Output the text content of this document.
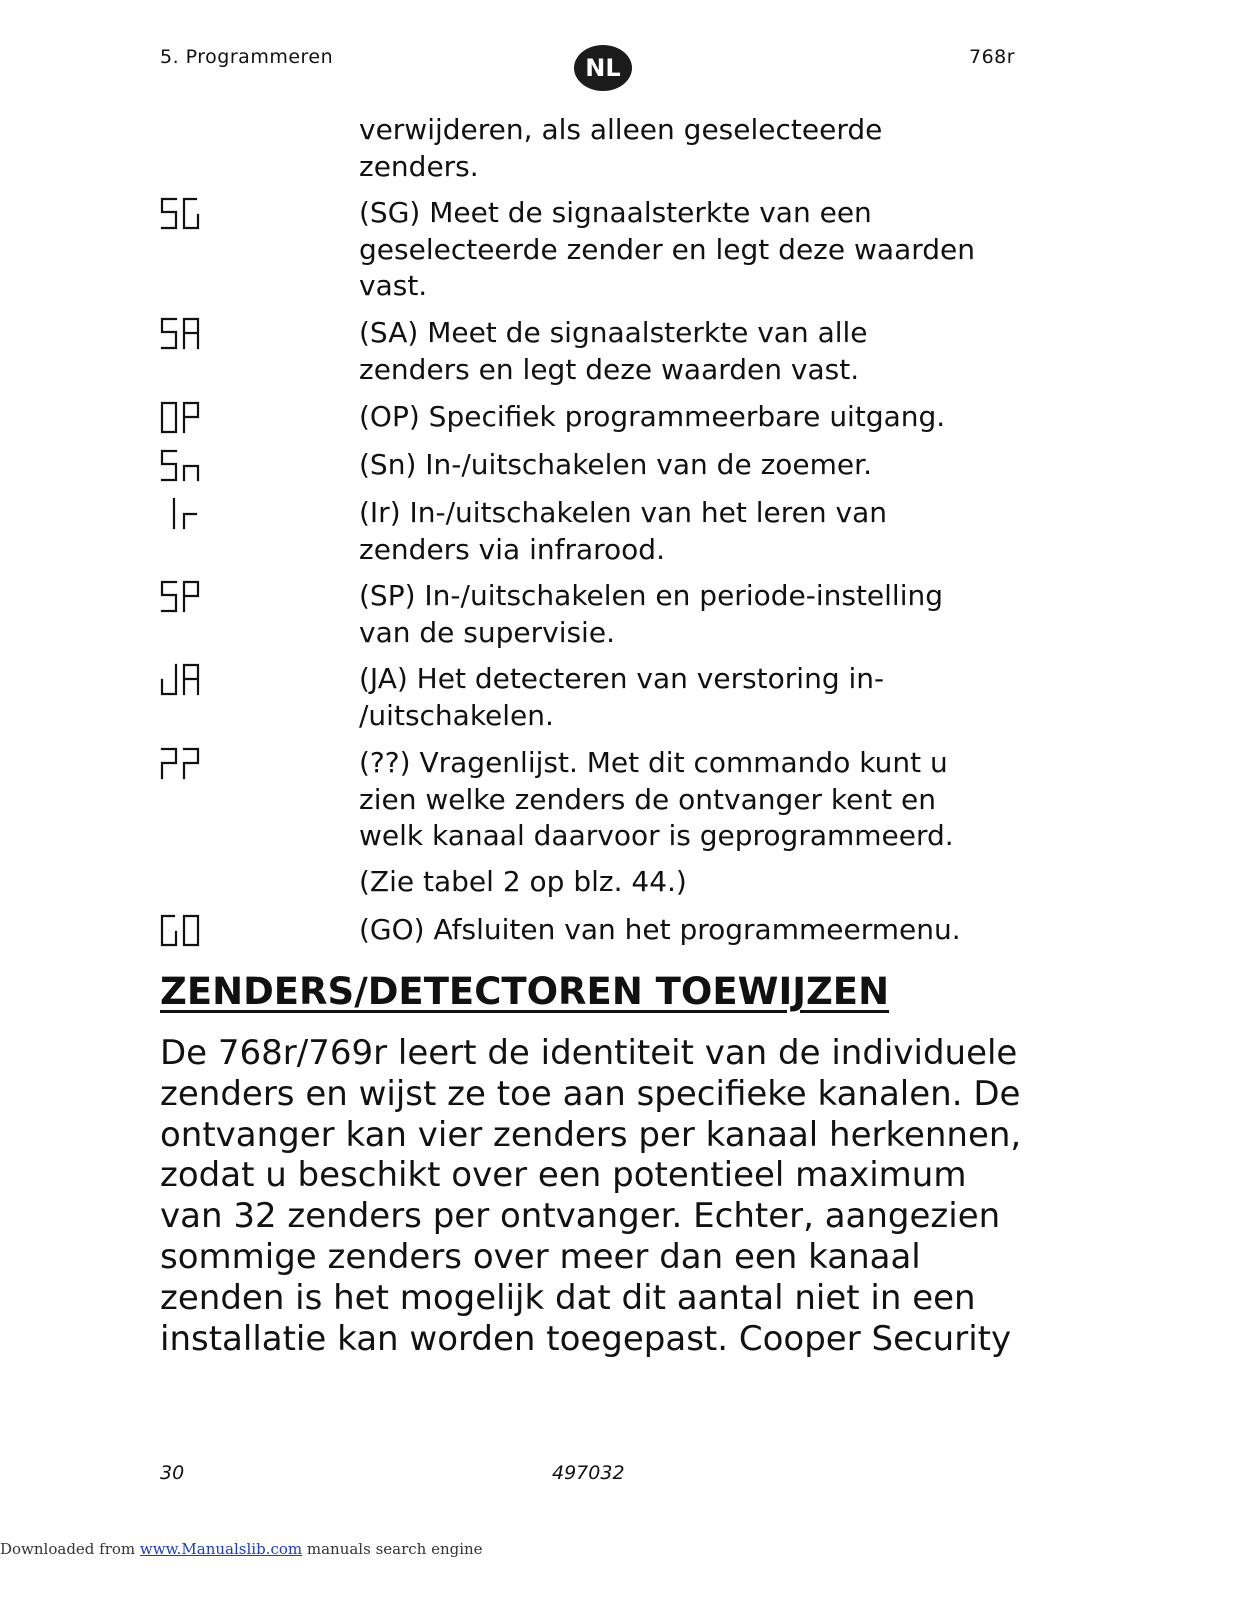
5. Programmeren	NL	768r
verwijderen, als alleen geselecteerde
zenders.
(SG) Meet de signaalsterkte van een
geselecteerde zender en legt deze waarden
vast.
(SA) Meet de signaalsterkte van alle
zenders en legt deze waarden vast.
(OP) Specifiek programmeerbare uitgang.
(Sn) In-/uitschakelen van de zoemer.
(Ir) In-/uitschakelen van het leren van
zenders via infrarood.
(SP) In-/uitschakelen en periode-instelling
van de supervisie.
(JA) Het detecteren van verstoring in-
/uitschakelen.
(??) Vragenlijst. Met dit commando kunt u
zien welke zenders de ontvanger kent en
welk kanaal daarvoor is geprogrammeerd.
(Zie tabel 2 op blz. 44.)
(GO) Afsluiten van het programmeermenu.
ZENDERS/DETECTOREN TOEWIJZEN
De 768r/769r leert de identiteit van de individuele
zenders en wijst ze toe aan specifieke kanalen. De
ontvanger kan vier zenders per kanaal herkennen,
zodat u beschikt over een potentieel maximum
van 32 zenders per ontvanger. Echter, aangezien
sommige zenders over meer dan een kanaal
zenden is het mogelijk dat dit aantal niet in een
installatie kan worden toegepast. Cooper Security
30	497032
Downloaded from www.Manualslib.com manuals search engine
